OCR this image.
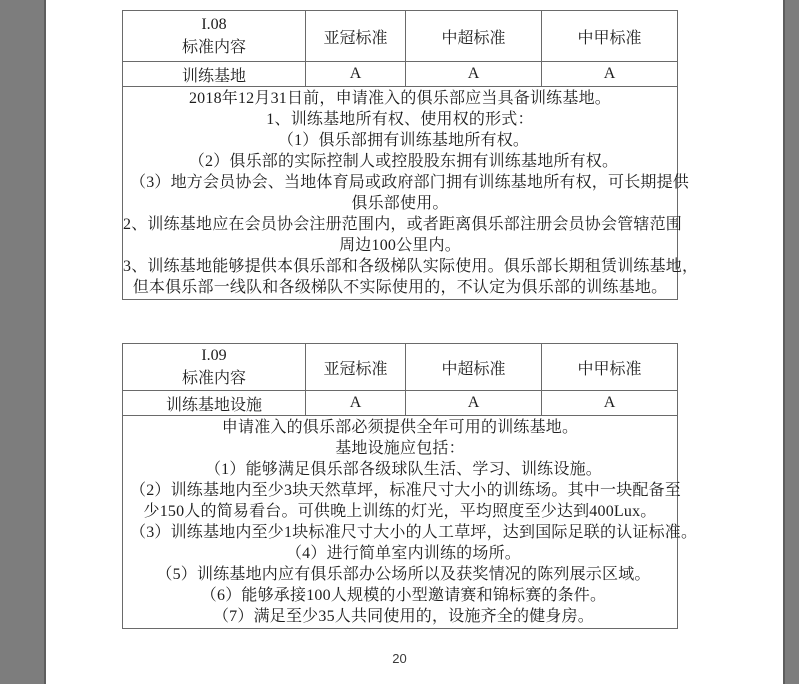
I.08
标准内容	亚冠标准	中超标准	中甲标准
训练基地	A	A	A

2018年12月31日前，申请准入的俱乐部应当具备训练基地。
1、训练基地所有权、使用权的形式：
（1）俱乐部拥有训练基地所有权。
（2）俱乐部的实际控制人或控股股东拥有训练基地所有权。
（3）地方会员协会、当地体育局或政府部门拥有训练基地所有权，可长期提供
俱乐部使用。
2、训练基地应在会员协会注册范围内，或者距离俱乐部注册会员协会管辖范围
周边100公里内。
3、训练基地能够提供本俱乐部和各级梯队实际使用。俱乐部长期租赁训练基地，
但本俱乐部一线队和各级梯队不实际使用的，不认定为俱乐部的训练基地。
I.09
标准内容	亚冠标准	中超标准	中甲标准
训练基地设施	A	A	A

申请准入的俱乐部必须提供全年可用的训练基地。
基地设施应包括：
（1）能够满足俱乐部各级球队生活、学习、训练设施。
（2）训练基地内至少3块天然草坪，标准尺寸大小的训练场。其中一块配备至
少150人的简易看台。可供晚上训练的灯光，平均照度至少达到400Lux。
（3）训练基地内至少1块标准尺寸大小的人工草坪，达到国际足联的认证标准。
（4）进行简单室内训练的场所。
（5）训练基地内应有俱乐部办公场所以及获奖情况的陈列展示区域。
（6）能够承接100人规模的小型邀请赛和锦标赛的条件。
（7）满足至少35人共同使用的，设施齐全的健身房。
20
